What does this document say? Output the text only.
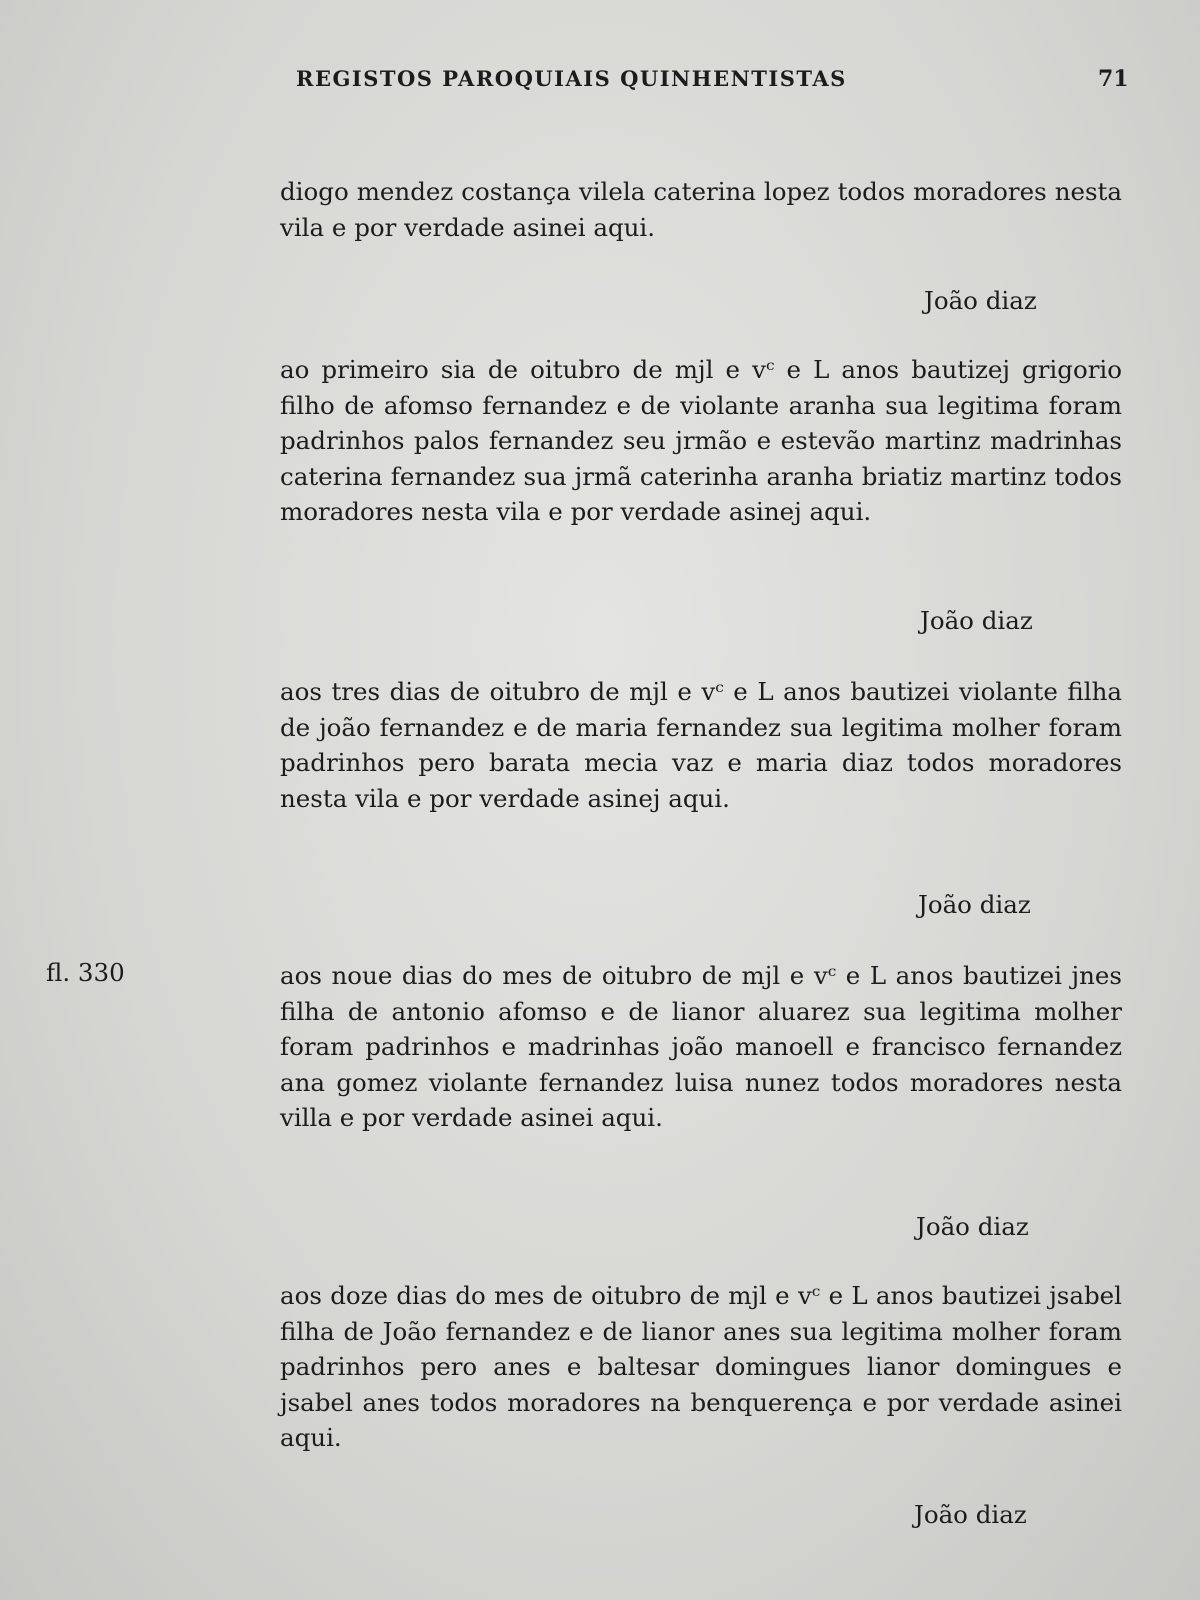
REGISTOS PAROQUIAIS QUINHENTISTAS	71
diogo mendez costança vilela caterina lopez todos moradores nesta vila e por verdade asinei aqui.
João diaz
ao primeiro sia de oitubro de mjl e vᶜ e L anos bautizej grigorio filho de afomso fernandez e de violante aranha sua legitima foram padrinhos palos fernandez seu jrmão e estevão martinz madrinhas caterina fernandez sua jrmã caterinha aranha briatiz martinz todos moradores nesta vila e por verdade asinej aqui.
João diaz
aos tres dias de oitubro de mjl e vᶜ e L anos bautizei violante filha de joão fernandez e de maria fernandez sua legitima molher foram padrinhos pero barata mecia vaz e maria diaz todos moradores nesta vila e por verdade asinej aqui.
João diaz
fl. 330	aos noue dias do mes de oitubro de mjl e vᶜ e L anos bautizei jnes filha de antonio afomso e de lianor aluarez sua legitima molher foram padrinhos e madrinhas joão manoell e francisco fernandez ana gomez violante fernandez luisa nunez todos moradores nesta villa e por verdade asinei aqui.
João diaz
aos doze dias do mes de oitubro de mjl e vᶜ e L anos bautizei jsabel filha de João fernandez e de lianor anes sua legitima molher foram padrinhos pero anes e baltesar domingues lianor domingues e jsabel anes todos moradores na benquerença e por verdade asinei aqui.
João diaz
